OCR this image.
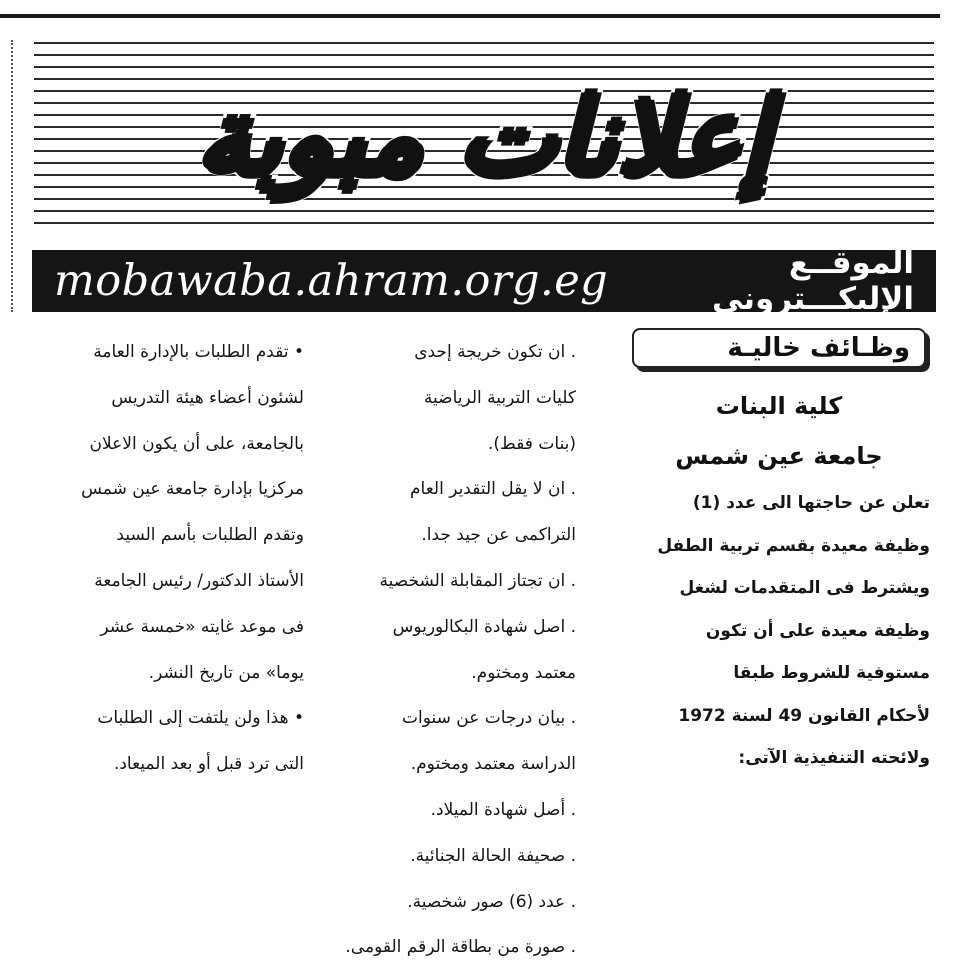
إعلانات مبوبة
mobawaba.ahram.org.eg	الموقــع الإليكـــترونى
وظـائف خاليـة
كلية البنات
جامعة عين شمس

تعلن عن حاجتها الى عدد (1)

وظيفة معيدة بقسم تربية الطفل

ويشترط فى المتقدمات لشغل

وظيفة معيدة على أن تكون

مستوفية للشروط طبقا

لأحكام القانون 49 لسنة 1972

ولائحته التنفيذية الآتى:

. ان تكون خريجة إحدى

كليات التربية الرياضية

(بنات فقط).

. ان لا يقل التقدير العام

التراكمى عن جيد جدا.

. ان تجتاز المقابلة الشخصية

. اصل شهادة البكالوريوس

معتمد ومختوم.

. بيان درجات عن سنوات

الدراسة معتمد ومختوم.

. أصل شهادة الميلاد.

. صحيفة الحالة الجنائية.

. عدد (6) صور شخصية.

. صورة من بطاقة الرقم القومى.

• تقدم الطلبات بالإدارة العامة

لشئون أعضاء هيئة التدريس

بالجامعة، على أن يكون الاعلان

مركزيا بإدارة جامعة عين شمس

وتقدم الطلبات بأسم السيد

الأستاذ الدكتور/ رئيس الجامعة

فى موعد غايته «خمسة عشر

يوما» من تاريخ النشر.

• هذا ولن يلتفت إلى الطلبات

التى ترد قبل أو بعد الميعاد.
